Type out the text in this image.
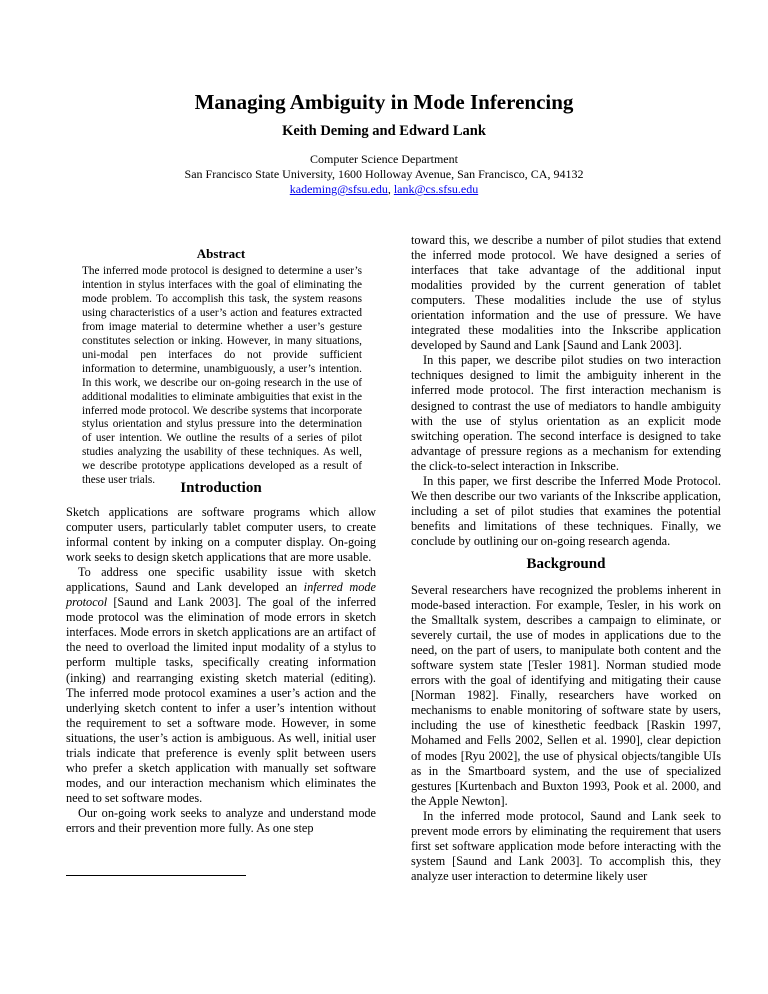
Managing Ambiguity in Mode Inferencing
Keith Deming and Edward Lank
Computer Science Department
San Francisco State University, 1600 Holloway Avenue, San Francisco, CA, 94132
kademing@sfsu.edu, lank@cs.sfsu.edu
Abstract

The inferred mode protocol is designed to determine a user’s intention in stylus interfaces with the goal of eliminating the mode problem. To accomplish this task, the system reasons using characteristics of a user’s action and features extracted from image material to determine whether a user’s gesture constitutes selection or inking. However, in many situations, uni-modal pen interfaces do not provide sufficient information to determine, unambiguously, a user’s intention. In this work, we describe our on-going research in the use of additional modalities to eliminate ambiguities that exist in the inferred mode protocol. We describe systems that incorporate stylus orientation and stylus pressure into the determination of user intention. We outline the results of a series of pilot studies analyzing the usability of these techniques. As well, we describe prototype applications developed as a result of these user trials.	Introduction

Sketch applications are software programs which allow computer users, particularly tablet computer users, to create informal content by inking on a computer display. On-going work seeks to design sketch applications that are more usable.

To address one specific usability issue with sketch applications, Saund and Lank developed an inferred mode protocol [Saund and Lank 2003]. The goal of the inferred mode protocol was the elimination of mode errors in sketch interfaces. Mode errors in sketch applications are an artifact of the need to overload the limited input modality of a stylus to perform multiple tasks, specifically creating information (inking) and rearranging existing sketch material (editing). The inferred mode protocol examines a user’s action and the underlying sketch content to infer a user’s intention without the requirement to set a software mode. However, in some situations, the user’s action is ambiguous. As well, initial user trials indicate that preference is evenly split between users who prefer a sketch application with manually set software modes, and our interaction mechanism which eliminates the need to set software modes.

Our on-going work seeks to analyze and understand mode errors and their prevention more fully. As one step

toward this, we describe a number of pilot studies that extend the inferred mode protocol. We have designed a series of interfaces that take advantage of the additional input modalities provided by the current generation of tablet computers. These modalities include the use of stylus orientation information and the use of pressure. We have integrated these modalities into the Inkscribe application developed by Saund and Lank [Saund and Lank 2003].

In this paper, we describe pilot studies on two interaction techniques designed to limit the ambiguity inherent in the inferred mode protocol. The first interaction mechanism is designed to contrast the use of mediators to handle ambiguity with the use of stylus orientation as an explicit mode switching operation. The second interface is designed to take advantage of pressure regions as a mechanism for extending the click-to-select interaction in Inkscribe.

In this paper, we first describe the Inferred Mode Protocol. We then describe our two variants of the Inkscribe application, including a set of pilot studies that examines the potential benefits and limitations of these techniques. Finally, we conclude by outlining our on-going research agenda.

Background

Several researchers have recognized the problems inherent in mode-based interaction. For example, Tesler, in his work on the Smalltalk system, describes a campaign to eliminate, or severely curtail, the use of modes in applications due to the need, on the part of users, to manipulate both content and the software system state [Tesler 1981]. Norman studied mode errors with the goal of identifying and mitigating their cause [Norman 1982]. Finally, researchers have worked on mechanisms to enable monitoring of software state by users, including the use of kinesthetic feedback [Raskin 1997, Mohamed and Fells 2002, Sellen et al. 1990], clear depiction of modes [Ryu 2002], the use of physical objects/tangible UIs as in the Smartboard system, and the use of specialized gestures [Kurtenbach and Buxton 1993, Pook et al. 2000, and the Apple Newton].

In the inferred mode protocol, Saund and Lank seek to prevent mode errors by eliminating the requirement that users first set software application mode before interacting with the system [Saund and Lank 2003]. To accomplish this, they analyze user interaction to determine likely user
